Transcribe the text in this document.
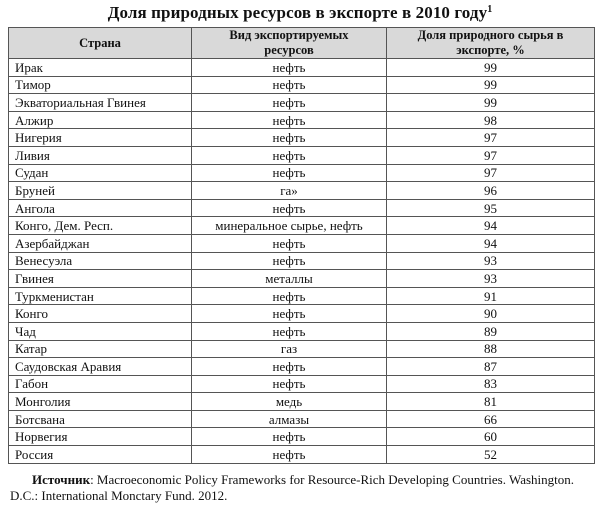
Доля природных ресурсов в экспорте в 2010 году$^1$
Страна	Вид экспортируемых ресурсов	Доля природного сырья в экспорте, %

Ирак	нефть	99
Тимор	нефть	99
Экваториальная Гвинея	нефть	99
Алжир	нефть	98
Нигерия	нефть	97
Ливия	нефть	97
Судан	нефть	97
Бруней	га»	96
Ангола	нефть	95
Конго, Дем. Респ.	минеральное сырье, нефть	94
Азербайджан	нефть	94
Венесуэла	нефть	93
Гвинея	металлы	93
Туркменистан	нефть	91
Конго	нефть	90
Чад	нефть	89
Катар	газ	88
Саудовская Аравия	нефть	87
Габон	нефть	83
Монголия	медь	81
Ботсвана	алмазы	66
Норвегия	нефть	60
Россия	нефть	52
Источник: Macroeconomic Policy Frameworks for Resource-Rich Developing Countries. Washington. D.C.: International Monctary Fund. 2012.
